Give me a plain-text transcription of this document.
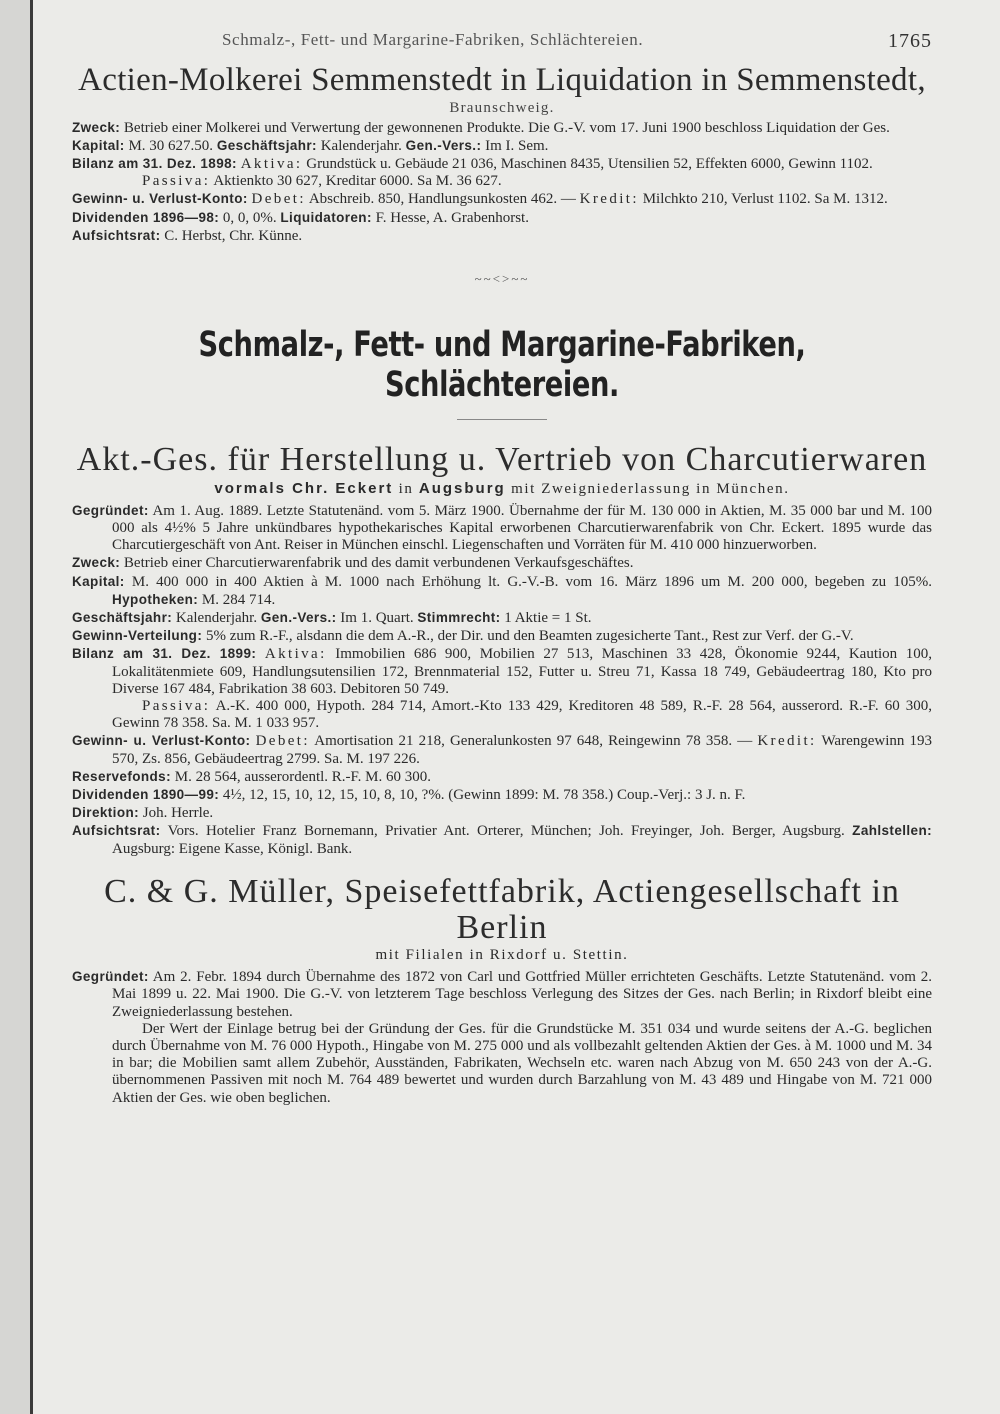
Schmalz-, Fett- und Margarine-Fabriken, Schlächtereien.	1765
Actien-Molkerei Semmenstedt in Liquidation in Semmenstedt,
Braunschweig.

Zweck: Betrieb einer Molkerei und Verwertung der gewonnenen Produkte. Die G.-V. vom 17. Juni 1900 beschloss Liquidation der Ges.

Kapital: M. 30 627.50. Geschäftsjahr: Kalenderjahr. Gen.-Vers.: Im I. Sem.

Bilanz am 31. Dez. 1898: Aktiva: Grundstück u. Gebäude 21 036, Maschinen 8435, Utensilien 52, Effekten 6000, Gewinn 1102.

Passiva: Aktienkto 30 627, Kreditar 6000. Sa M. 36 627.

Gewinn- u. Verlust-Konto: Debet: Abschreib. 850, Handlungsunkosten 462. — Kredit: Milchkto 210, Verlust 1102. Sa M. 1312.

Dividenden 1896—98: 0, 0, 0%. Liquidatoren: F. Hesse, A. Grabenhorst.

Aufsichtsrat: C. Herbst, Chr. Künne.

~~<>~~
Schmalz-, Fett- und Margarine-Fabriken, Schlächtereien.
Akt.-Ges. für Herstellung u. Vertrieb von Charcutierwaren
vormals Chr. Eckert in Augsburg mit Zweigniederlassung in München.

Gegründet: Am 1. Aug. 1889. Letzte Statutenänd. vom 5. März 1900. Übernahme der für M. 130 000 in Aktien, M. 35 000 bar und M. 100 000 als 4½% 5 Jahre unkündbares hypothekarisches Kapital erworbenen Charcutierwarenfabrik von Chr. Eckert. 1895 wurde das Charcutiergeschäft von Ant. Reiser in München einschl. Liegenschaften und Vorräten für M. 410 000 hinzuerworben.

Zweck: Betrieb einer Charcutierwarenfabrik und des damit verbundenen Verkaufsgeschäftes.

Kapital: M. 400 000 in 400 Aktien à M. 1000 nach Erhöhung lt. G.-V.-B. vom 16. März 1896 um M. 200 000, begeben zu 105%. Hypotheken: M. 284 714.

Geschäftsjahr: Kalenderjahr. Gen.-Vers.: Im 1. Quart. Stimmrecht: 1 Aktie = 1 St.

Gewinn-Verteilung: 5% zum R.-F., alsdann die dem A.-R., der Dir. und den Beamten zugesicherte Tant., Rest zur Verf. der G.-V.

Bilanz am 31. Dez. 1899: Aktiva: Immobilien 686 900, Mobilien 27 513, Maschinen 33 428, Ökonomie 9244, Kaution 100, Lokalitätenmiete 609, Handlungsutensilien 172, Brennmaterial 152, Futter u. Streu 71, Kassa 18 749, Gebäudeertrag 180, Kto pro Diverse 167 484, Fabrikation 38 603. Debitoren 50 749.

Passiva: A.-K. 400 000, Hypoth. 284 714, Amort.-Kto 133 429, Kreditoren 48 589, R.-F. 28 564, ausserord. R.-F. 60 300, Gewinn 78 358. Sa. M. 1 033 957.

Gewinn- u. Verlust-Konto: Debet: Amortisation 21 218, Generalunkosten 97 648, Reingewinn 78 358. — Kredit: Warengewinn 193 570, Zs. 856, Gebäudeertrag 2799. Sa. M. 197 226.

Reservefonds: M. 28 564, ausserordentl. R.-F. M. 60 300.

Dividenden 1890—99: 4½, 12, 15, 10, 12, 15, 10, 8, 10, ?%. (Gewinn 1899: M. 78 358.) Coup.-Verj.: 3 J. n. F.

Direktion: Joh. Herrle.

Aufsichtsrat: Vors. Hotelier Franz Bornemann, Privatier Ant. Orterer, München; Joh. Freyinger, Joh. Berger, Augsburg. Zahlstellen: Augsburg: Eigene Kasse, Königl. Bank.

C. & G. Müller, Speisefettfabrik, Actiengesellschaft in Berlin
mit Filialen in Rixdorf u. Stettin.

Gegründet: Am 2. Febr. 1894 durch Übernahme des 1872 von Carl und Gottfried Müller errichteten Geschäfts. Letzte Statutenänd. vom 2. Mai 1899 u. 22. Mai 1900. Die G.-V. von letzterem Tage beschloss Verlegung des Sitzes der Ges. nach Berlin; in Rixdorf bleibt eine Zweigniederlassung bestehen.

Der Wert der Einlage betrug bei der Gründung der Ges. für die Grundstücke M. 351 034 und wurde seitens der A.-G. beglichen durch Übernahme von M. 76 000 Hypoth., Hingabe von M. 275 000 und als vollbezahlt geltenden Aktien der Ges. à M. 1000 und M. 34 in bar; die Mobilien samt allem Zubehör, Ausständen, Fabrikaten, Wechseln etc. waren nach Abzug von M. 650 243 von der A.-G. übernommenen Passiven mit noch M. 764 489 bewertet und wurden durch Barzahlung von M. 43 489 und Hingabe von M. 721 000 Aktien der Ges. wie oben beglichen.
